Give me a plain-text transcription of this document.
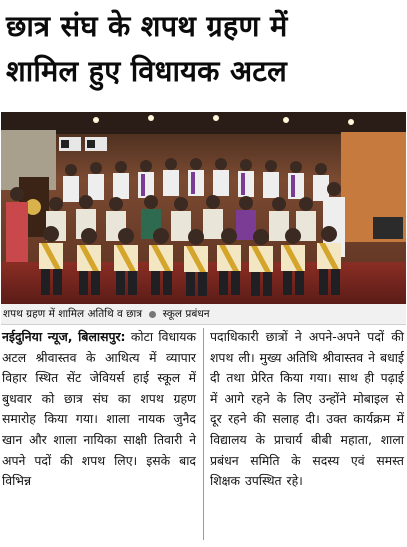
छात्र संघ के शपथ ग्रहण में
शामिल हुए विधायक अटल
शपथ ग्रहण में शामिल अतिथि व छात्र स्कूल प्रबंधन
नईदुनिया न्यूज, बिलासपुर: कोटा विधायक अटल श्रीवास्तव के आथित्य में व्यापार विहार स्थित सेंट जेवियर्स हाई स्कूल में बुधवार को छात्र संघ का शपथ ग्रहण समारोह किया गया। शाला नायक जुनैद खान और शाला नायिका साक्षी तिवारी ने अपने पदों की शपथ लिए। इसके बाद विभिन्न
पदाधिकारी छात्रों ने अपने-अपने पदों की शपथ ली। मुख्य अतिथि श्रीवास्तव ने बधाई दी तथा प्रेरित किया गया। साथ ही पढ़ाई में आगे रहने के लिए उन्होंने मोबाइल से दूर रहने की सलाह दी। उक्त कार्यक्रम में विद्यालय के प्राचार्य बीबी महाता, शाला प्रबंधन समिति के सदस्य एवं समस्त शिक्षक उपस्थित रहे।
